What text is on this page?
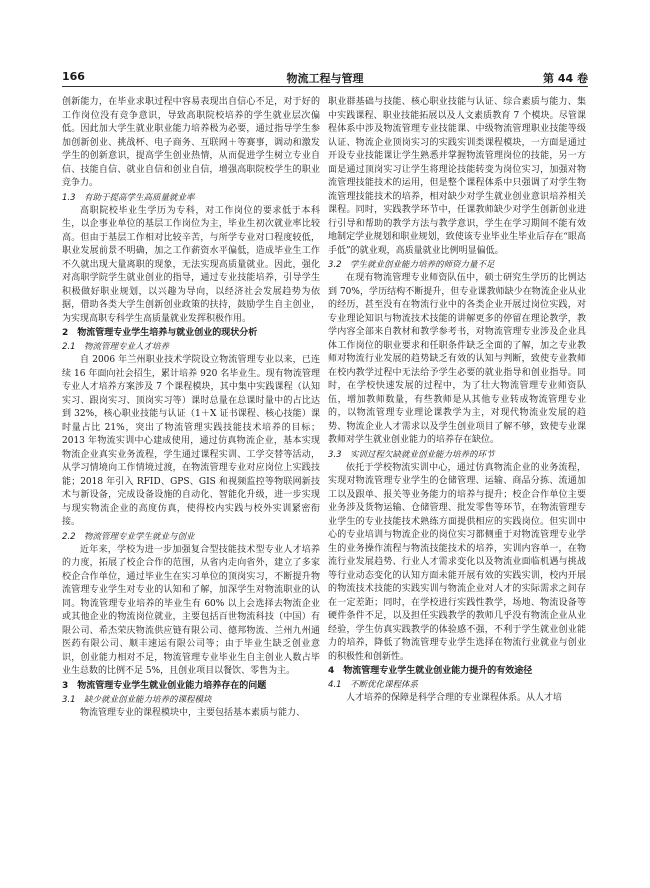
166	物流工程与管理	第 44 卷

创新能力，在毕业求职过程中容易表现出自信心不足，对于好的工作岗位没有竞争意识，导致高职院校培养的学生就业层次偏低。因此加大学生就业职业能力培养极为必要，通过指导学生参加创新创业、挑战杯、电子商务、互联网＋等赛事，调动和激发学生的创新意识，提高学生创业热情，从而促进学生树立专业自信、技能自信、就业自信和创业自信，增强高职院校学生的职业竞争力。

1.3　有助于提高学生高质量就业率

高职院校毕业生学历为专科，对工作岗位的要求低于本科生，以企事业单位的基层工作岗位为主，毕业生初次就业率比较高。但由于基层工作相对比较辛苦，与所学专业对口程度较低，职业发展前景不明确，加之工作薪资水平偏低，造成毕业生工作不久就出现大量离职的现象，无法实现高质量就业。因此，强化对高职学院学生就业创业的指导，通过专业技能培养，引导学生积极做好职业规划，以兴趣为导向，以经济社会发展趋势为依据，借助各类大学生创新创业政策的扶持，鼓励学生自主创业，为实现高职专科学生高质量就业发挥积极作用。

2　物流管理专业学生培养与就业创业的现状分析
2.1　物流管理专业人才培养

自 2006 年兰州职业技术学院设立物流管理专业以来，已连续 16 年面向社会招生，累计培养 920 名毕业生。现有物流管理专业人才培养方案涉及 7 个课程模块，其中集中实践课程（认知实习、跟岗实习、顶岗实习等）课时总量在总课时量中的占比达到 32%，核心职业技能与认证（1＋X 证书课程、核心技能）课时量占比 21%，突出了物流管理实践技能技术培养的目标；2013 年物流实训中心建成使用，通过仿真物流企业，基本实现物流企业真实业务流程，学生通过课程实训、工学交替等活动，从学习情境向工作情境过渡，在物流管理专业对应岗位上实践技能；2018 年引入 RFID、GPS、GIS 和视频监控等物联网新技术与新设备，完成设备设施的自动化、智能化升级，进一步实现与现实物流企业的高度仿真，使得校内实践与校外实训紧密衔接。

2.2　物流管理专业学生就业与创业

近年来，学校为进一步加强复合型技能技术型专业人才培养的力度，拓展了校企合作的范围，从省内走向省外，建立了多家校企合作单位，通过毕业生在实习单位的顶岗实习，不断提升物流管理专业学生对专业的认知和了解，加深学生对物流职业的认同。物流管理专业培养的毕业生有 60% 以上会选择去物流企业或其他企业的物流岗位就业，主要包括百世物流科技（中国）有限公司、希杰荣庆物流供应链有限公司、德邦物流、兰州九州通医药有限公司、顺丰速运有限公司等；由于毕业生缺乏创业意识，创业能力相对不足，物流管理专业毕业生自主创业人数占毕业生总数的比例不足 5%，且创业项目以餐饮、零售为主。

3　物流管理专业学生就业创业能力培养存在的问题
3.1　缺少就业创业能力培养的课程模块

物流管理专业的课程模块中，主要包括基本素质与能力、

职业群基础与技能、核心职业技能与认证、综合素质与能力、集中实践课程、职业技能拓展以及人文素质教育 7 个模块。尽管课程体系中涉及物流管理专业技能课、中级物流管理职业技能等级认证、物流企业顶岗实习的实践实训类课程模块，一方面是通过开设专业技能课让学生熟悉并掌握物流管理岗位的技能，另一方面是通过顶岗实习让学生将理论技能转变为岗位实习，加强对物流管理技能技术的运用，但是整个课程体系中只强调了对学生物流管理技能技术的培养，相对缺少对学生就业创业意识培养相关课程。同时，实践教学环节中，任课教师缺少对学生创新创业进行引导和帮助的教学方法与教学意识，学生在学习期间不能有效地制定学业规划和职业规划，致使该专业毕业生毕业后存在“眼高手低”的就业观，高质量就业比例明显偏低。

3.2　学生就业创业能力培养的师资力量不足

在现有物流管理专业师资队伍中，硕士研究生学历的比例达到 70%，学历结构不断提升，但专业课教师缺少在物流企业从业的经历，甚至没有在物流行业中的各类企业开展过岗位实践，对专业理论知识与物流技术技能的讲解更多的停留在理论教学，教学内容全部来自教材和教学参考书，对物流管理专业涉及企业具体工作岗位的职业要求和任职条件缺乏全面的了解，加之专业教师对物流行业发展的趋势缺乏有效的认知与判断，致使专业教师在校内教学过程中无法给予学生必要的就业指导和创业指导。同时，在学校快速发展的过程中，为了壮大物流管理专业师资队伍，增加教师数量，有些教师是从其他专业转成物流管理专业的，以物流管理专业理论课教学为主，对现代物流业发展的趋势、物流企业人才需求以及学生创业项目了解不够，致使专业课教师对学生就业创业能力的培养存在缺位。

3.3　实训过程欠缺就业创业能力培养的环节

依托于学校物流实训中心，通过仿真物流企业的业务流程，实现对物流管理专业学生的仓储管理、运输、商品分拣、流通加工以及跟单、报关等业务能力的培养与提升；校企合作单位主要业务涉及货物运输、仓储管理、批发零售等环节，在物流管理专业学生的专业技能技术熟练方面提供相应的实践岗位。但实训中心的专业培训与物流企业的岗位实习都侧重于对物流管理专业学生的业务操作流程与物流技能技术的培养，实训内容单一，在物流行业发展趋势、行业人才需求变化以及物流业面临机遇与挑战等行业动态变化的认知方面未能开展有效的实践实训，校内开展的物流技术技能的实践实训与物流企业对人才的实际需求之间存在一定差距；同时，在学校进行实践性教学，场地、物流设备等硬件条件不足，以及担任实践教学的教师几乎没有物流企业从业经验，学生仿真实践教学的体验感不强，不利于学生就业创业能力的培养，降低了物流管理专业学生选择在物流行业就业与创业的积极性和创新性。

4　物流管理专业学生就业创业能力提升的有效途径
4.1　不断优化课程体系

人才培养的保障是科学合理的专业课程体系。从人才培
